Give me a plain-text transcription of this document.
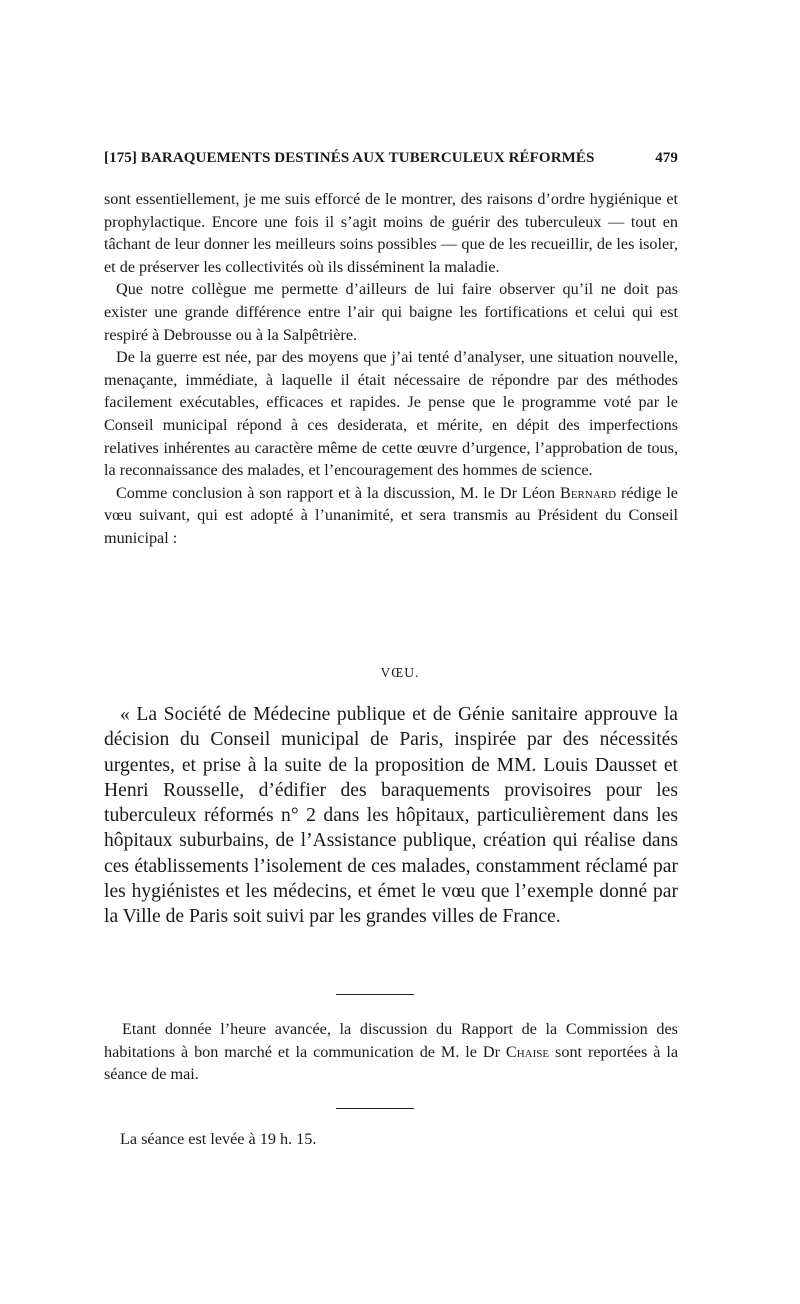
[175] BARAQUEMENTS DESTINÉS AUX TUBERCULEUX RÉFORMÉS	479

sont essentiellement, je me suis efforcé de le montrer, des raisons d’ordre hygiénique et prophylactique. Encore une fois il s’agit moins de guérir des tuberculeux — tout en tâchant de leur donner les meilleurs soins possibles — que de les recueillir, de les isoler, et de préserver les collectivités où ils disséminent la maladie.

Que notre collègue me permette d’ailleurs de lui faire observer qu’il ne doit pas exister une grande différence entre l’air qui baigne les fortifications et celui qui est respiré à Debrousse ou à la Salpêtrière.

De la guerre est née, par des moyens que j’ai tenté d’analyser, une situation nouvelle, menaçante, immédiate, à laquelle il était nécessaire de répondre par des méthodes facilement exécutables, efficaces et rapides. Je pense que le programme voté par le Conseil municipal répond à ces desiderata, et mérite, en dépit des imperfections relatives inhérentes au caractère même de cette œuvre d’urgence, l’approbation de tous, la reconnaissance des malades, et l’encouragement des hommes de science.

Comme conclusion à son rapport et à la discussion, M. le Dr Léon Bernard rédige le vœu suivant, qui est adopté à l’unanimité, et sera transmis au Président du Conseil municipal :

VŒU.

« La Société de Médecine publique et de Génie sanitaire approuve la décision du Conseil municipal de Paris, inspirée par des nécessités urgentes, et prise à la suite de la proposition de MM. Louis Dausset et Henri Rousselle, d’édifier des baraquements provisoires pour les tuberculeux réformés n° 2 dans les hôpitaux, particulièrement dans les hôpitaux suburbains, de l’Assistance publique, création qui réalise dans ces établissements l’isolement de ces malades, constamment réclamé par les hygiénistes et les médecins, et émet le vœu que l’exemple donné par la Ville de Paris soit suivi par les grandes villes de France.

Etant donnée l’heure avancée, la discussion du Rapport de la Commission des habitations à bon marché et la communication de M. le Dr Chaise sont reportées à la séance de mai.

La séance est levée à 19 h. 15.
